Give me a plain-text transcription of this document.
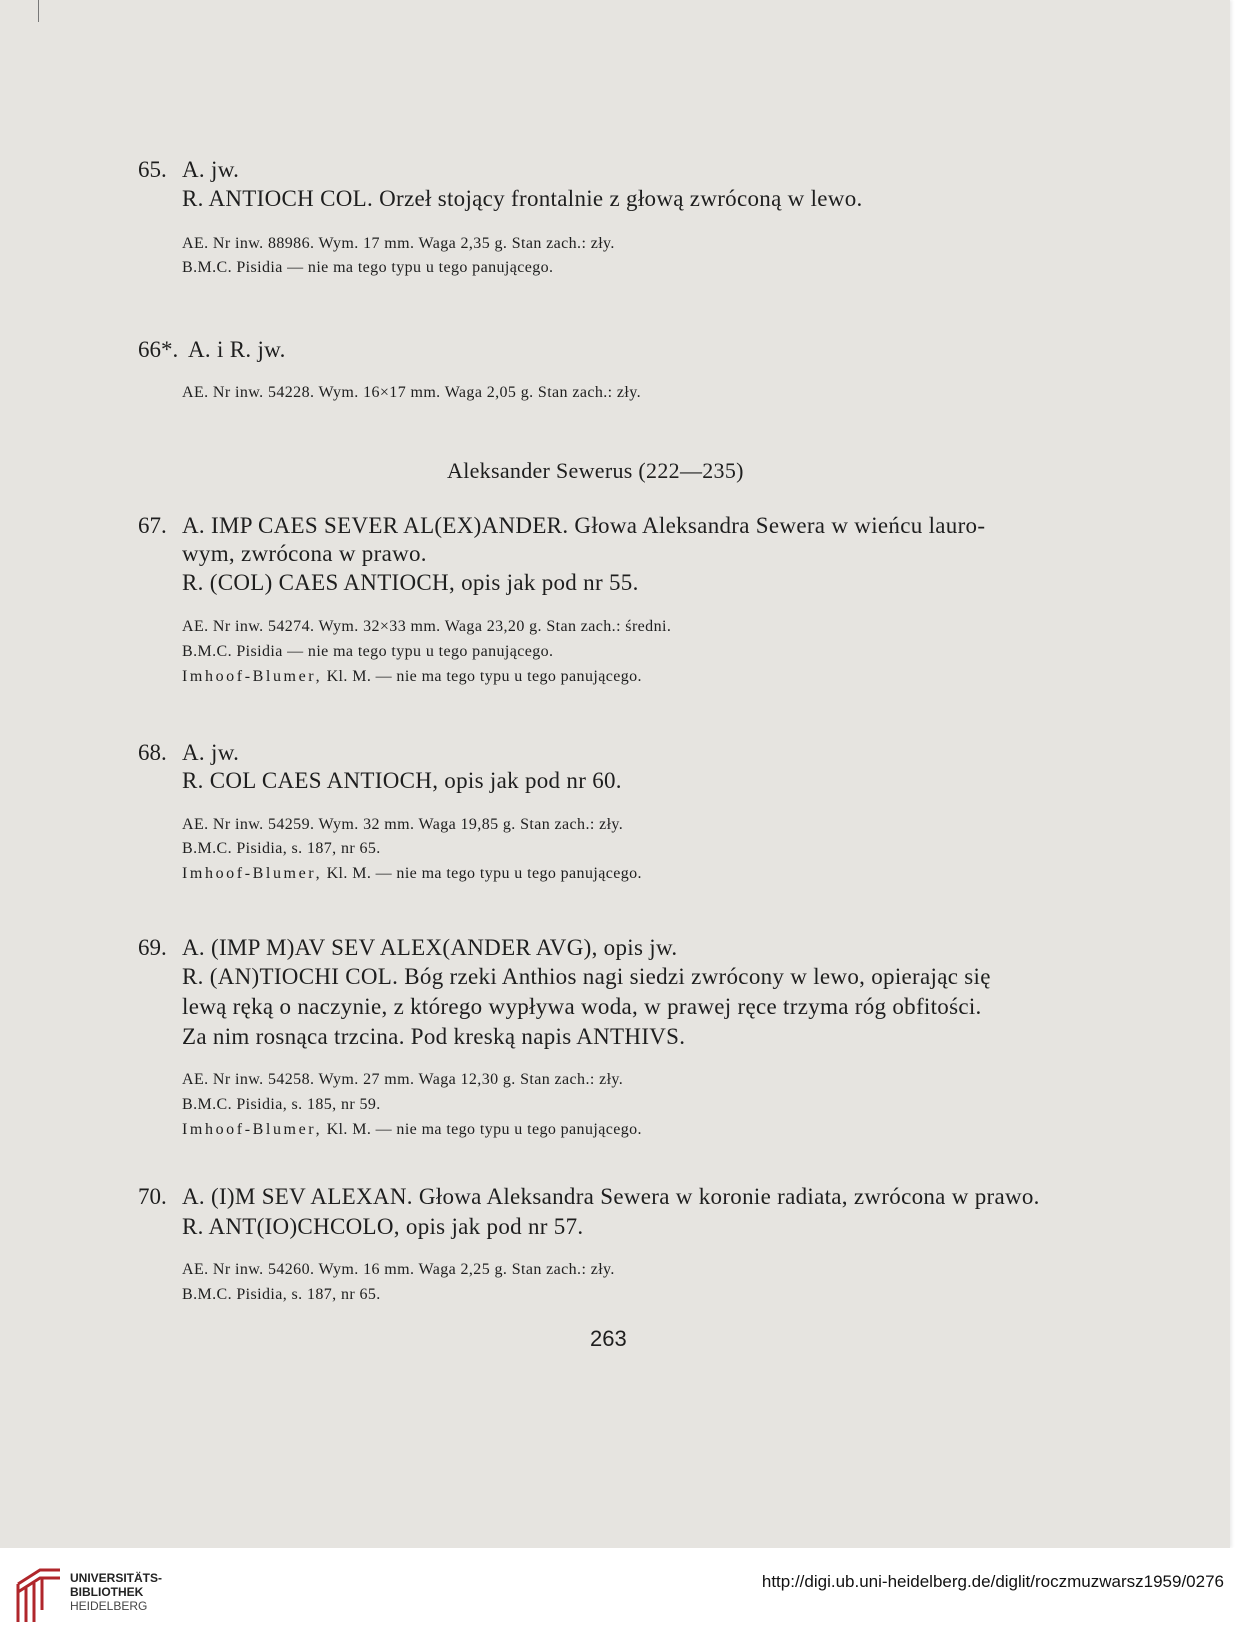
65. A. jw.
R. ANTIOCH COL. Orzeł stojący frontalnie z głową zwróconą w lewo.
AE. Nr inw. 88986. Wym. 17 mm. Waga 2,35 g. Stan zach.: zły.
B.M.C. Pisidia — nie ma tego typu u tego panującego.
66*. A. i R. jw.
AE. Nr inw. 54228. Wym. 16×17 mm. Waga 2,05 g. Stan zach.: zły.
Aleksander Sewerus (222—235)
67. A. IMP CAES SEVER AL(EX)ANDER. Głowa Aleksandra Sewera w wieńcu lauro-
wym, zwrócona w prawo.
R. (COL) CAES ANTIOCH, opis jak pod nr 55.
AE. Nr inw. 54274. Wym. 32×33 mm. Waga 23,20 g. Stan zach.: średni.
B.M.C. Pisidia — nie ma tego typu u tego panującego.
Imhoof-Blumer, Kl. M. — nie ma tego typu u tego panującego.
68. A. jw.
R. COL CAES ANTIOCH, opis jak pod nr 60.
AE. Nr inw. 54259. Wym. 32 mm. Waga 19,85 g. Stan zach.: zły.
B.M.C. Pisidia, s. 187, nr 65.
Imhoof-Blumer, Kl. M. — nie ma tego typu u tego panującego.
69. A. (IMP M)AV SEV ALEX(ANDER AVG), opis jw.
R. (AN)TIOCHI COL. Bóg rzeki Anthios nagi siedzi zwrócony w lewo, opierając się
lewą ręką o naczynie, z którego wypływa woda, w prawej ręce trzyma róg obfitości.
Za nim rosnąca trzcina. Pod kreską napis ANTHIVS.
AE. Nr inw. 54258. Wym. 27 mm. Waga 12,30 g. Stan zach.: zły.
B.M.C. Pisidia, s. 185, nr 59.
Imhoof-Blumer, Kl. M. — nie ma tego typu u tego panującego.
70. A. (I)M SEV ALEXAN. Głowa Aleksandra Sewera w koronie radiata, zwrócona w prawo.
R. ANT(IO)CHCOLO, opis jak pod nr 57.
AE. Nr inw. 54260. Wym. 16 mm. Waga 2,25 g. Stan zach.: zły.
B.M.C. Pisidia, s. 187, nr 65.
263
UNIVERSITÄTS-
BIBLIOTHEK
HEIDELBERG
http://digi.ub.uni-heidelberg.de/diglit/roczmuzwarsz1959/0276
